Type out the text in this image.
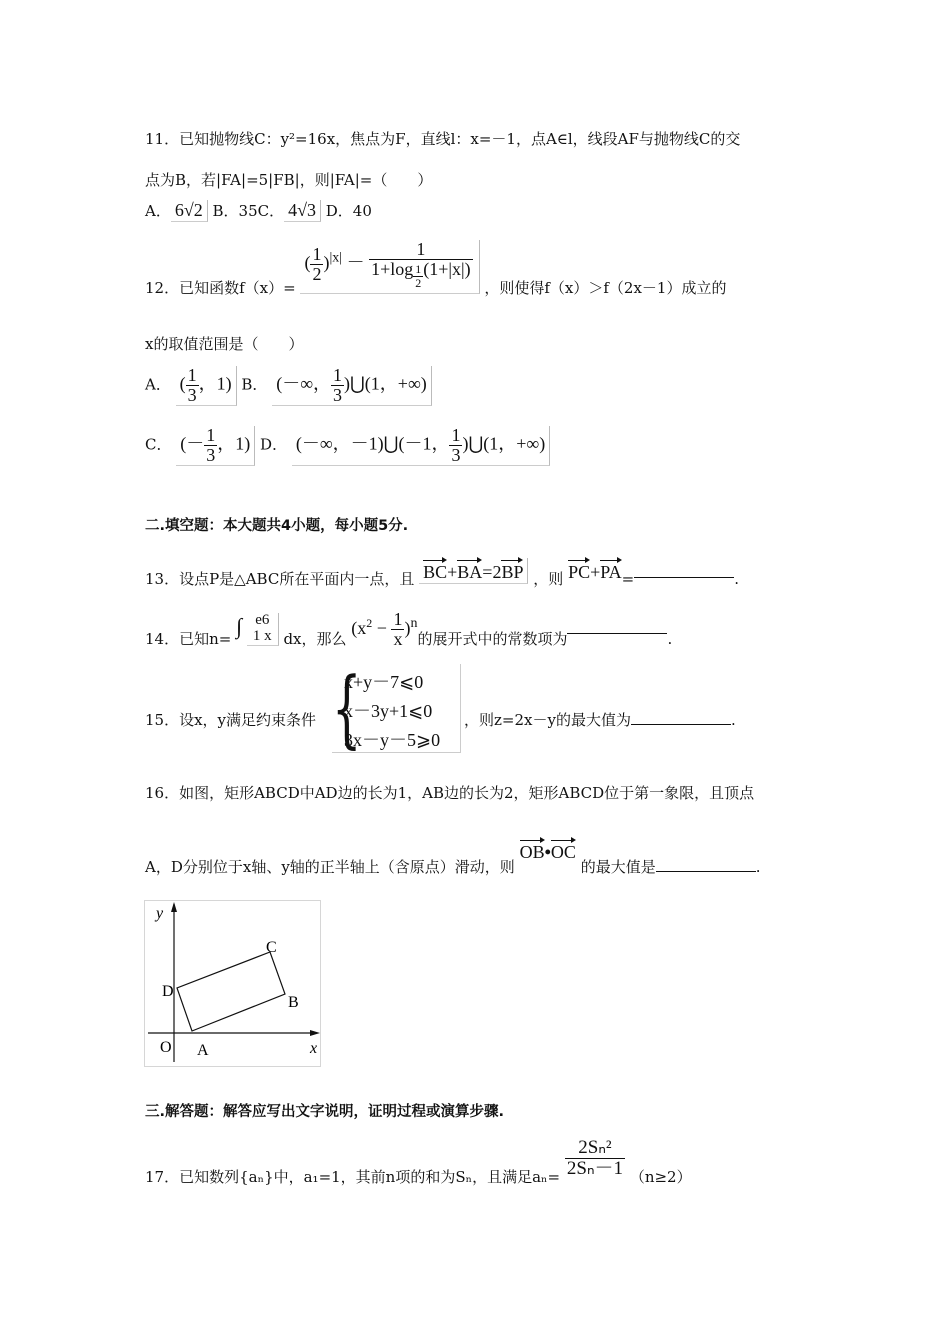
11．已知抛物线C：y²=16x，焦点为F，直线l：x=－1，点A∈l，线段AF与抛物线C的交
点为B，若|FA|=5|FB|，则|FA|=（　　）
A． 6√2 B．35C． 4√3 D．40
12．已知函数f（x）= ( $\frac{1}{2} )^{|x|} - 1$
1+log $_{\frac{1}{2}}$ (1+|x|) ，则使得f（x）＞f（2x－1）成立的
x的取值范围是（　　）
A． ( $\frac{1}{3}$ ，1) B． (－∞， $\frac{1}{3}$ )⋃(1，+∞)
C． (－ $\frac{1}{3}$ ，1) D． (－∞，－1)⋃(－1， $\frac{1}{3}$ )⋃(1，+∞)
二.填空题：本大题共4小题，每小题5分.
13．设点P是△ABC所在平面内一点，且 BC+BA=2BP ，则 PC+PA=	.
14．已知n= ∫ e6
1 x dx，那么 $(x^2 - \frac{1}{x} )^n$的展开式中的常数项为	.
15．设x，y满足约束条件 {
x+y－7⩽0
x－3y+1⩽0
3x－y－5⩾0
，则z=2x－y的最大值为	.
16．如图，矩形ABCD中AD边的长为1，AB边的长为2，矩形ABCD位于第一象限，且顶点
A，D分别位于x轴、y轴的正半轴上（含原点）滑动，则 OB•OC 的最大值是	.
y
x
O A
B
C
D
三.解答题：解答应写出文字说明，证明过程或演算步骤.
17．已知数列{aₙ}中，a₁=1，其前n项的和为Sₙ，且满足$a_n= \frac{\text{2Sₙ²}}{\text{2Sₙ－1}} (n\ge 2)$
